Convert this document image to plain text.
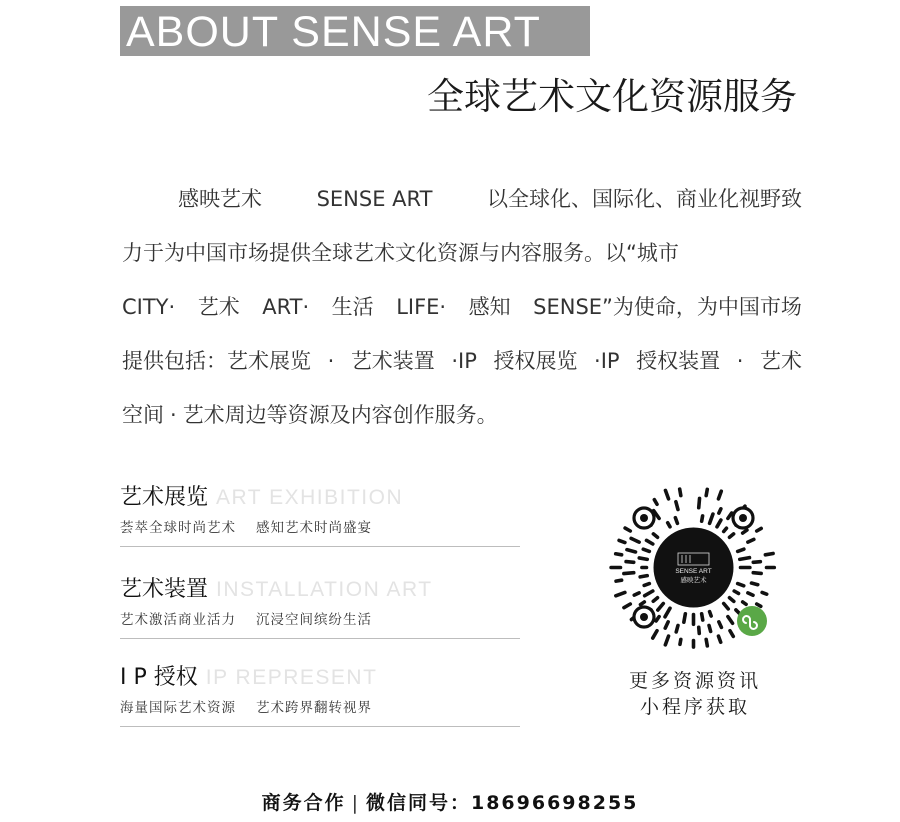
ABOUT SENSE ART
全球艺术文化资源服务
感映艺术	SENSE ART	以全球化、国际化、商业化视野致
力于为中国市场提供全球艺术文化资源与内容服务。以“城市
CITY· 艺术 ART· 生活 LIFE· 感知 SENSE”为使命，为中国市场
提供包括：艺术展览 · 艺术装置 ·IP 授权展览 ·IP 授权装置 · 艺术
空间 · 艺术周边等资源及内容创作服务。
艺术展览 ART EXHIBITION
荟萃全球时尚艺术 感知艺术时尚盛宴
艺术装置 INSTALLATION ART
艺术激活商业活力 沉浸空间缤纷生活
I P 授权 IP REPRESENT
海量国际艺术资源 艺术跨界翻转视界
SENSE ART
感映艺术
更多资源资讯
小程序获取
商务合作 | 微信同号：18696698255
